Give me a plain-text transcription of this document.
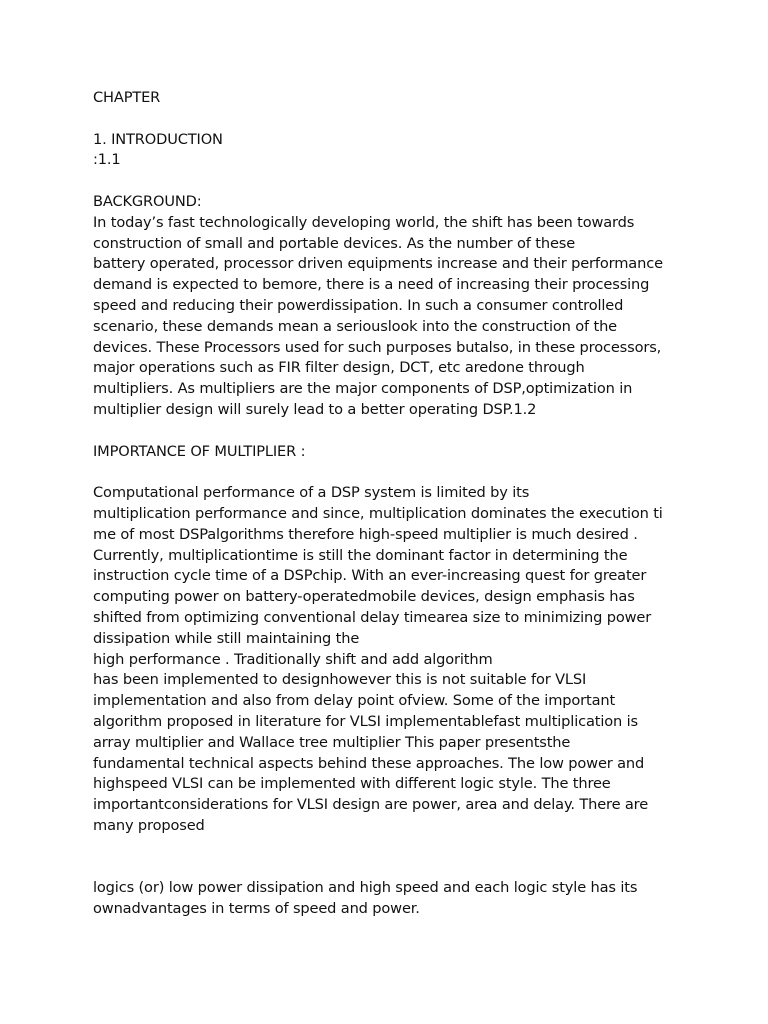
CHAPTER
1. INTRODUCTION
:1.1
BACKGROUND:
In today’s fast technologically developing world, the shift has been towards
construction of small and portable devices. As the number of these
battery operated, processor driven equipments increase and their performance
demand is expected to bemore, there is a need of increasing their processing
speed and reducing their powerdissipation. In such a consumer controlled
scenario, these demands mean a seriouslook into the construction of the
devices. These Processors used for such purposes butalso, in these processors,
major operations such as FIR filter design, DCT, etc aredone through
multipliers. As multipliers are the major components of DSP,optimization in
multiplier design will surely lead to a better operating DSP.1.2
IMPORTANCE OF MULTIPLIER :
Computational performance of a DSP system is limited by its
multiplication performance and since, multiplication dominates the execution ti
me of most DSPalgorithms therefore high-speed multiplier is much desired .
Currently, multiplicationtime is still the dominant factor in determining the
instruction cycle time of a DSPchip. With an ever-increasing quest for greater
computing power on battery-operatedmobile devices, design emphasis has
shifted from optimizing conventional delay timearea size to minimizing power
dissipation while still maintaining the
high performance . Traditionally shift and add algorithm
has been implemented to designhowever this is not suitable for VLSI
implementation and also from delay point ofview. Some of the important
algorithm proposed in literature for VLSI implementablefast multiplication is
array multiplier and Wallace tree multiplier This paper presentsthe
fundamental technical aspects behind these approaches. The low power and
highspeed VLSI can be implemented with different logic style. The three
importantconsiderations for VLSI design are power, area and delay. There are
many proposed
logics (or) low power dissipation and high speed and each logic style has its
ownadvantages in terms of speed and power.
